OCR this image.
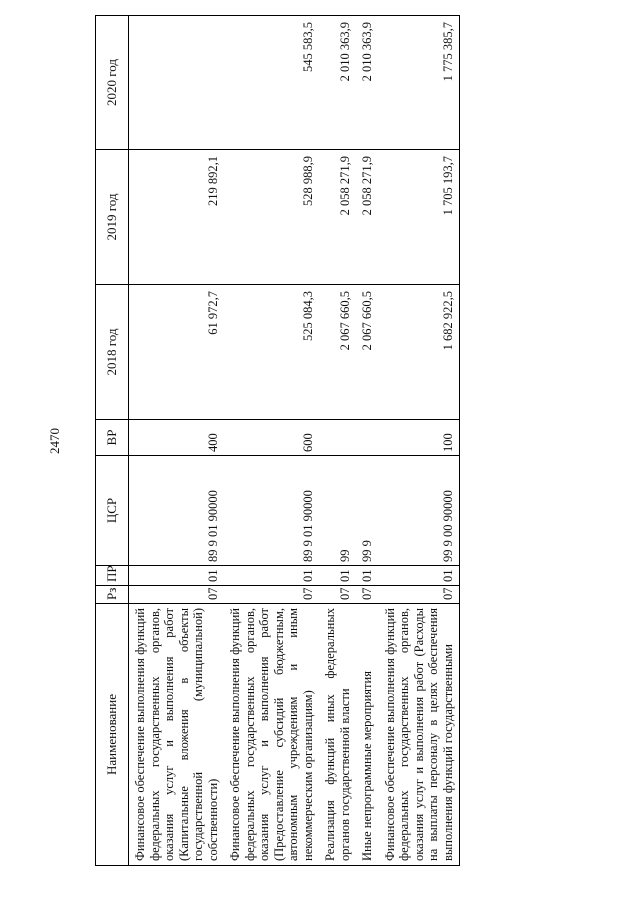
2470
Наименование	Рз	ПР	ЦСР	ВР	2018 год	2019 год	2020 год
Финансовое обеспечение выполнения функций федеральных государственных органов, оказания услуг и выполнения работ (Капитальные вложения в объекты государственной (муниципальной) собственности)	07	01	89 9 01 90000	400	61 972,7	219 892,1	
Финансовое обеспечение выполнения функций федеральных государственных органов, оказания услуг и выполнения работ (Предоставление субсидий бюджетным, автономным учреждениям и иным некоммерческим организациям)	07	01	89 9 01 90000	600	525 084,3	528 988,9	545 583,5
Реализация функций иных федеральных органов государственной власти	07	01	99		2 067 660,5	2 058 271,9	2 010 363,9
Иные непрограммные мероприятия	07	01	99 9		2 067 660,5	2 058 271,9	2 010 363,9
Финансовое обеспечение выполнения функций федеральных государственных органов, оказания услуг и выполнения работ (Расходы на выплаты персоналу в целях обеспечения выполнения функций государственными	07	01	99 9 00 90000	100	1 682 922,5	1 705 193,7	1 775 385,7
